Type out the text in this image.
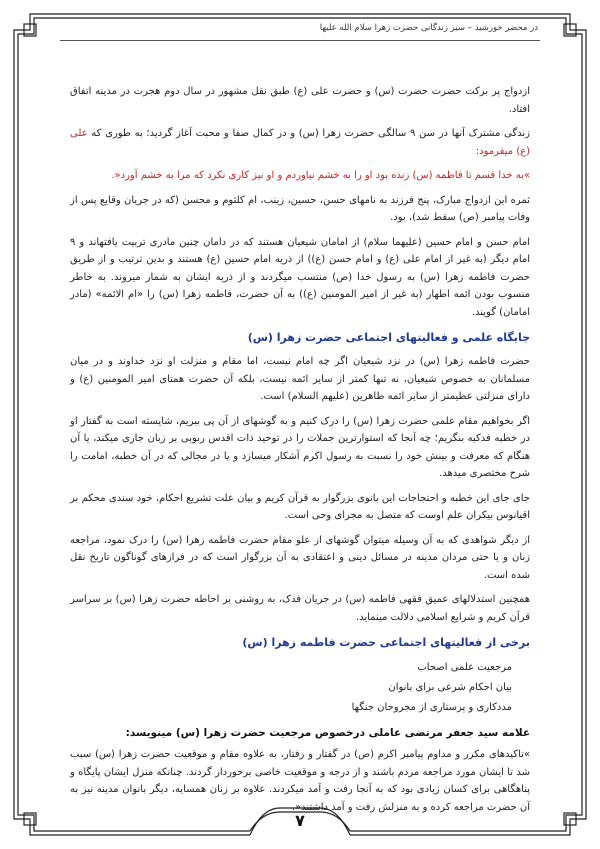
در محضر خورشید – سیر زندگانی حضرت زهرا سلام الله علیها

ازدواج پر برکت حضرت حضرت (س) و حضرت علی (ع) طبق نقل مشهور در سال دوم هجرت در مدینه اتفاق افتاد.

زندگی مشترک آنها در سن ۹ سالگی حضرت زهرا (س) و در کمال صفا و محبت آغاز گردید؛ به طوری که علی (ع) میفرمود:

»به خدا قسم تا فاطمه (س) زنده بود او را به خشم نیاوردم و او نیز کاری نکرد که مرا به خشم آورد«.

ثمره این ازدواج مبارک، پنج فرزند به نامهای حسن، حسین، زینب، ام کلثوم و محسن (که در جریان وقایع پس از وفات پیامبر (ص) سقط شد)، بود.

امام حسن و امام حسین (علیهما سلام) از امامان شیعیان هستند که در دامان چنین مادری تربیت یافتهاند و ۹ امام دیگر (به غیر از امام علی (ع) و امام حسن (ع)) از ذریه امام حسین (ع) هستند و بدین ترتیب و از طریق حضرت فاطمه زهرا (س) به رسول خدا (ص) منتسب میگردند و از ذریه ایشان به شمار میروند. به خاطر منسوب بودن ائمه اطهار (به غیر از امیر المومنین (ع)) به آن حضرت، فاطمه زهرا (س) را «ام الائمه» (مادر امامان) گویند.

جایگاه علمی و فعالیتهای اجتماعی حضرت زهرا (س)

حضرت فاطمه زهرا (س) در نزد شیعیان اگر چه امام نیست، اما مقام و منزلت او نزد خداوند و در میان مسلمانان به خصوص شیعیان، نه تنها کمتر از سایر ائمه نیست، بلکه آن حضرت همتای امیر المومنین (ع) و دارای منزلتی عظیمتر از سایر ائمه طاهرین (علیهم السلام) است.

اگر بخواهیم مقام علمی حضرت زهرا (س) را درک کنیم و به گوشهای از آن پی ببریم، شایسته است به گفتار او در خطبه فدکیه بنگریم؛ چه آنجا که استوارترین جملات را در توحید ذات اقدس ربوبی بر زبان جاری میکند، یا آن هنگام که معرفت و بینش خود را نسبت به رسول اکرم آشکار میسازد و یا در مجالی که در آن خطبه، امامت را شرح مختصری میدهد.

جای جای این خطبه و احتجاجات این بانوی بزرگوار به قرآن کریم و بیان علت تشریع احکام، خود سندی محکم بر اقیانوس بیکران علم اوست که متصل به مجرای وحی است.

از دیگر شواهدی که به آن وسیله میتوان گوشهای از علو مقام حضرت فاطمه زهرا (س) را درک نمود، مراجعه زنان و یا حتی مردان مدینه در مسائل دینی و اعتقادی به آن بزرگوار است که در فرازهای گوناگون تاریخ نقل شده است.

همچنین استدلالهای عمیق فقهی فاطمه (س) در جریان فدک، به روشنی بر احاطه حضرت زهرا (س) بر سراسر قرآن کریم و شرایع اسلامی دلالت مینماید.

برخی از فعالیتهای اجتماعی حضرت فاطمه زهرا (س)
مرجعیت علمی اصحاب
بیان احکام شرعی برای بانوان
مددکاری و پرستاری از مجروحان جنگها
علامه سید جعفر مرتضی عاملی درخصوص مرجعیت حضرت زهرا (س) مینویسد:

»تاکیدهای مکرر و مداوم پیامبر اکرم (ص) در گفتار و رفتار، به علاوه مقام و موقعیت حضرت زهرا (س) سبب شد تا ایشان مورد مراجعه مردم باشند و از درجه و موقعیت خاصی برخوردار گردند. چنانکه منزل ایشان پایگاه و پناهگاهی برای کسان زیادی بود که به آنجا رفت و آمد میکردند. علاوه بر زنان همسایه، دیگر بانوان مدینه نیز به آن حضرت مراجعه کرده و به منزلش رفت و آمد داشتند«.

۷
